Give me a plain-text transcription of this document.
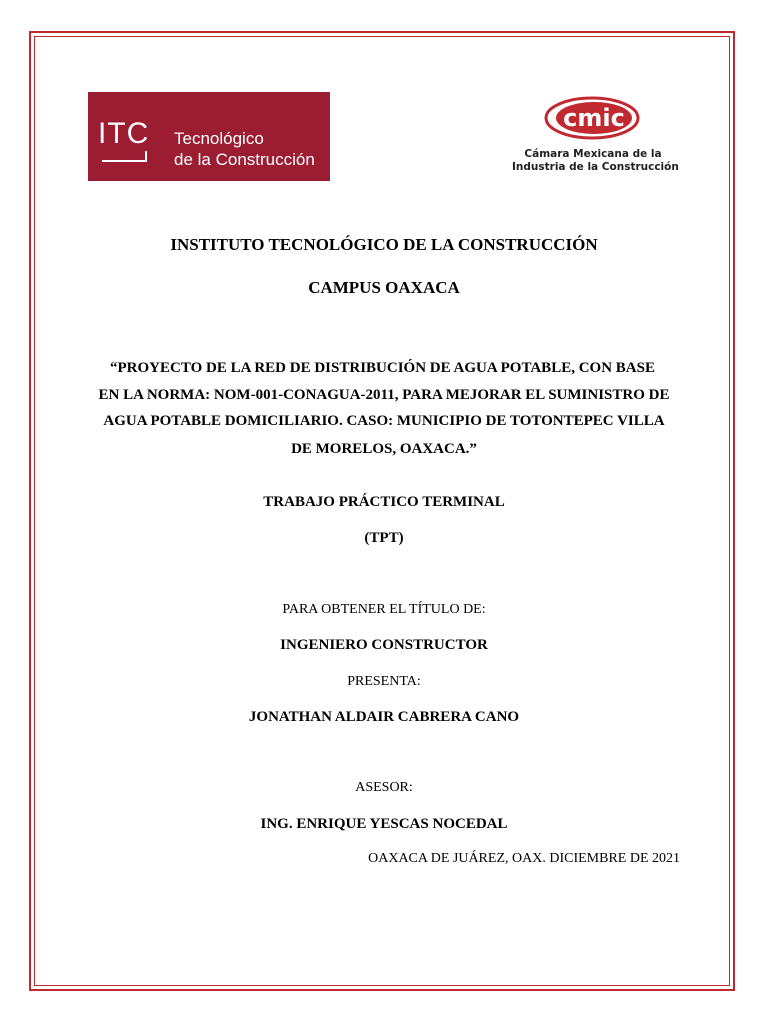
ITC Tecnológico
de la Construcción
cmic
Cámara Mexicana de la
Industria de la Construcción
INSTITUTO TECNOLÓGICO DE LA CONSTRUCCIÓN
CAMPUS OAXACA
“PROYECTO DE LA RED DE DISTRIBUCIÓN DE AGUA POTABLE, CON BASE
EN LA NORMA: NOM-001-CONAGUA-2011, PARA MEJORAR EL SUMINISTRO DE
AGUA POTABLE DOMICILIARIO. CASO: MUNICIPIO DE TOTONTEPEC VILLA
DE MORELOS, OAXACA.”
TRABAJO PRÁCTICO TERMINAL
(TPT)
PARA OBTENER EL TÍTULO DE:
INGENIERO CONSTRUCTOR
PRESENTA:
JONATHAN ALDAIR CABRERA CANO
ASESOR:
ING. ENRIQUE YESCAS NOCEDAL
OAXACA DE JUÁREZ, OAX. DICIEMBRE DE 2021
